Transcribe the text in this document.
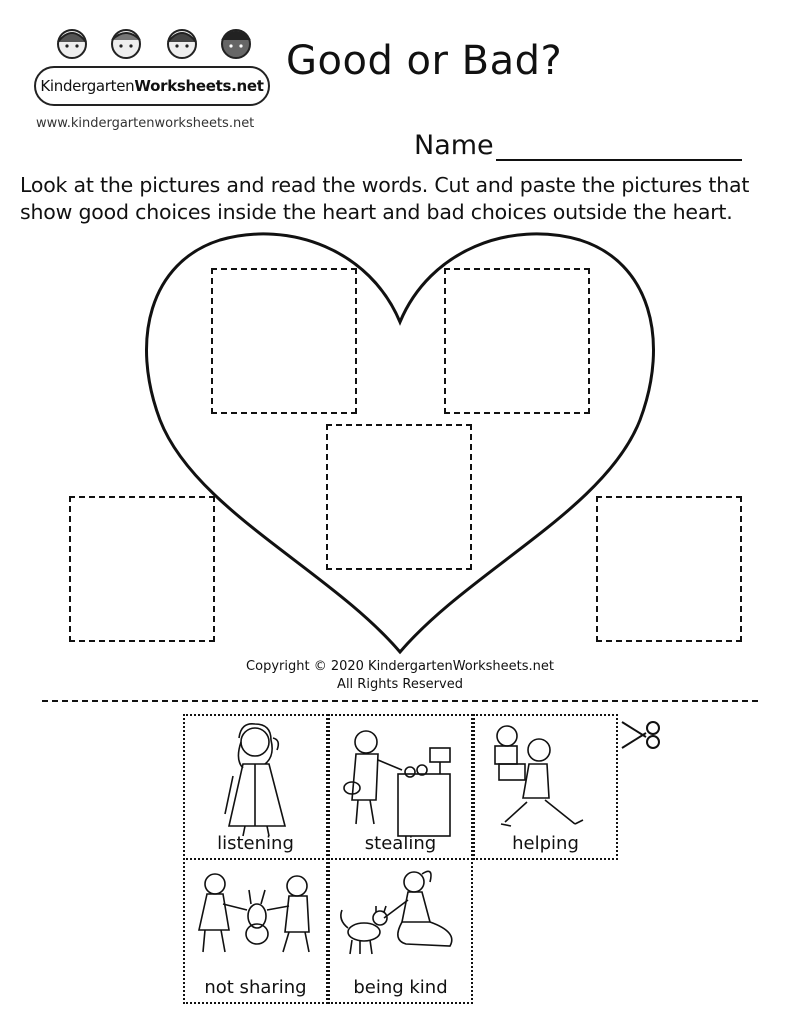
Kindergarten Worksheets.net
Good or Bad?
www.kindergartenworksheets.net
Name
Look at the pictures and read the words. Cut and paste the pictures that show good choices inside the heart and bad choices outside the heart.
Copyright © 2020 KindergartenWorksheets.net
All Rights Reserved
listening	stealing	helping
not sharing	being kind
